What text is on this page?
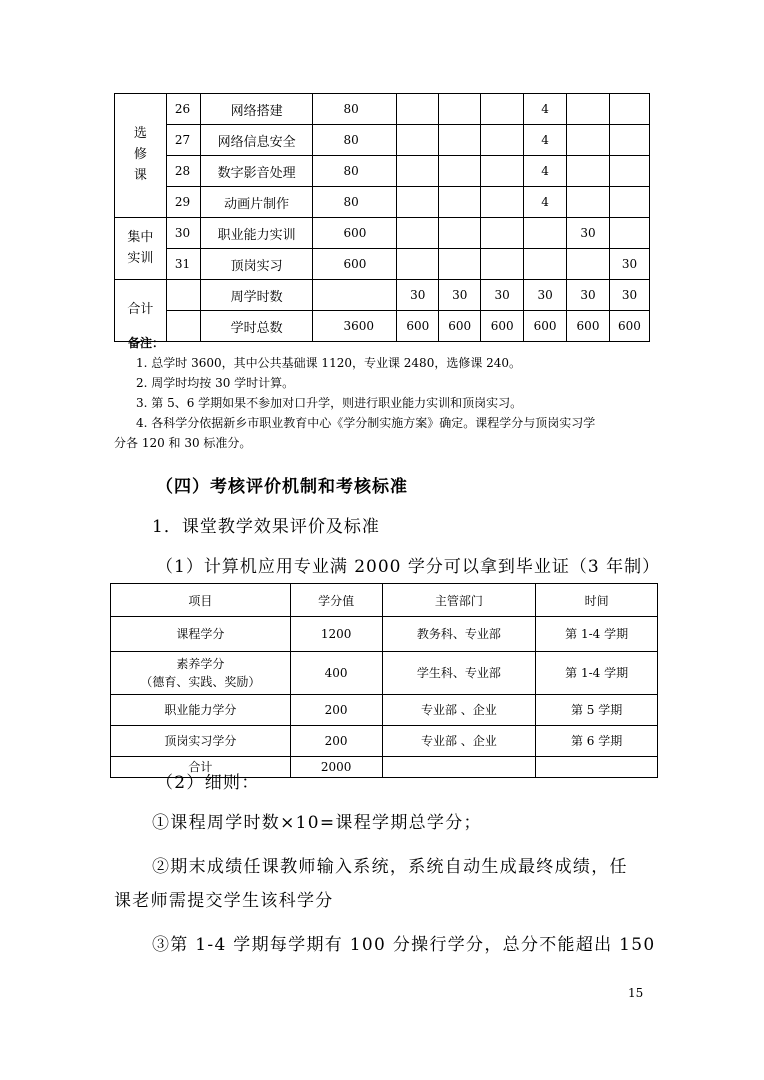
选
修
课	26	网络搭建	80				4		
	27	网络信息安全	80				4		
	28	数字影音处理	80				4		
	29	动画片制作	80				4		
集中
实训	30	职业能力实训	600					30	
	31	顶岗实习	600						30
合计		周学时数		30	30	30	30	30	30
		学时总数	3600	600	600	600	600	600	600
备注：
1. 总学时 3600，其中公共基础课 1120，专业课 2480，选修课 240。
2. 周学时均按 30 学时计算。
3. 第 5、6 学期如果不参加对口升学，则进行职业能力实训和顶岗实习。
4. 各科学分依据新乡市职业教育中心《学分制实施方案》确定。课程学分与顶岗实习学
分各 120 和 30 标准分。
（四）考核评价机制和考核标准
1．课堂教学效果评价及标准
（1）计算机应用专业满 2000 学分可以拿到毕业证（3 年制）
项目	学分值	主管部门	时间
课程学分	1200	教务科、专业部	第 1-4 学期
素养学分
（德育、实践、奖励）	400	学生科、专业部	第 1-4 学期
职业能力学分	200	专业部 、企业	第 5 学期
顶岗实习学分	200	专业部 、企业	第 6 学期
合计	2000		
（2）细则：
①课程周学时数×10=课程学期总学分；
②期末成绩任课教师输入系统，系统自动生成最终成绩，任
课老师需提交学生该科学分
③第 1-4 学期每学期有 100 分操行学分，总分不能超出 150
15
